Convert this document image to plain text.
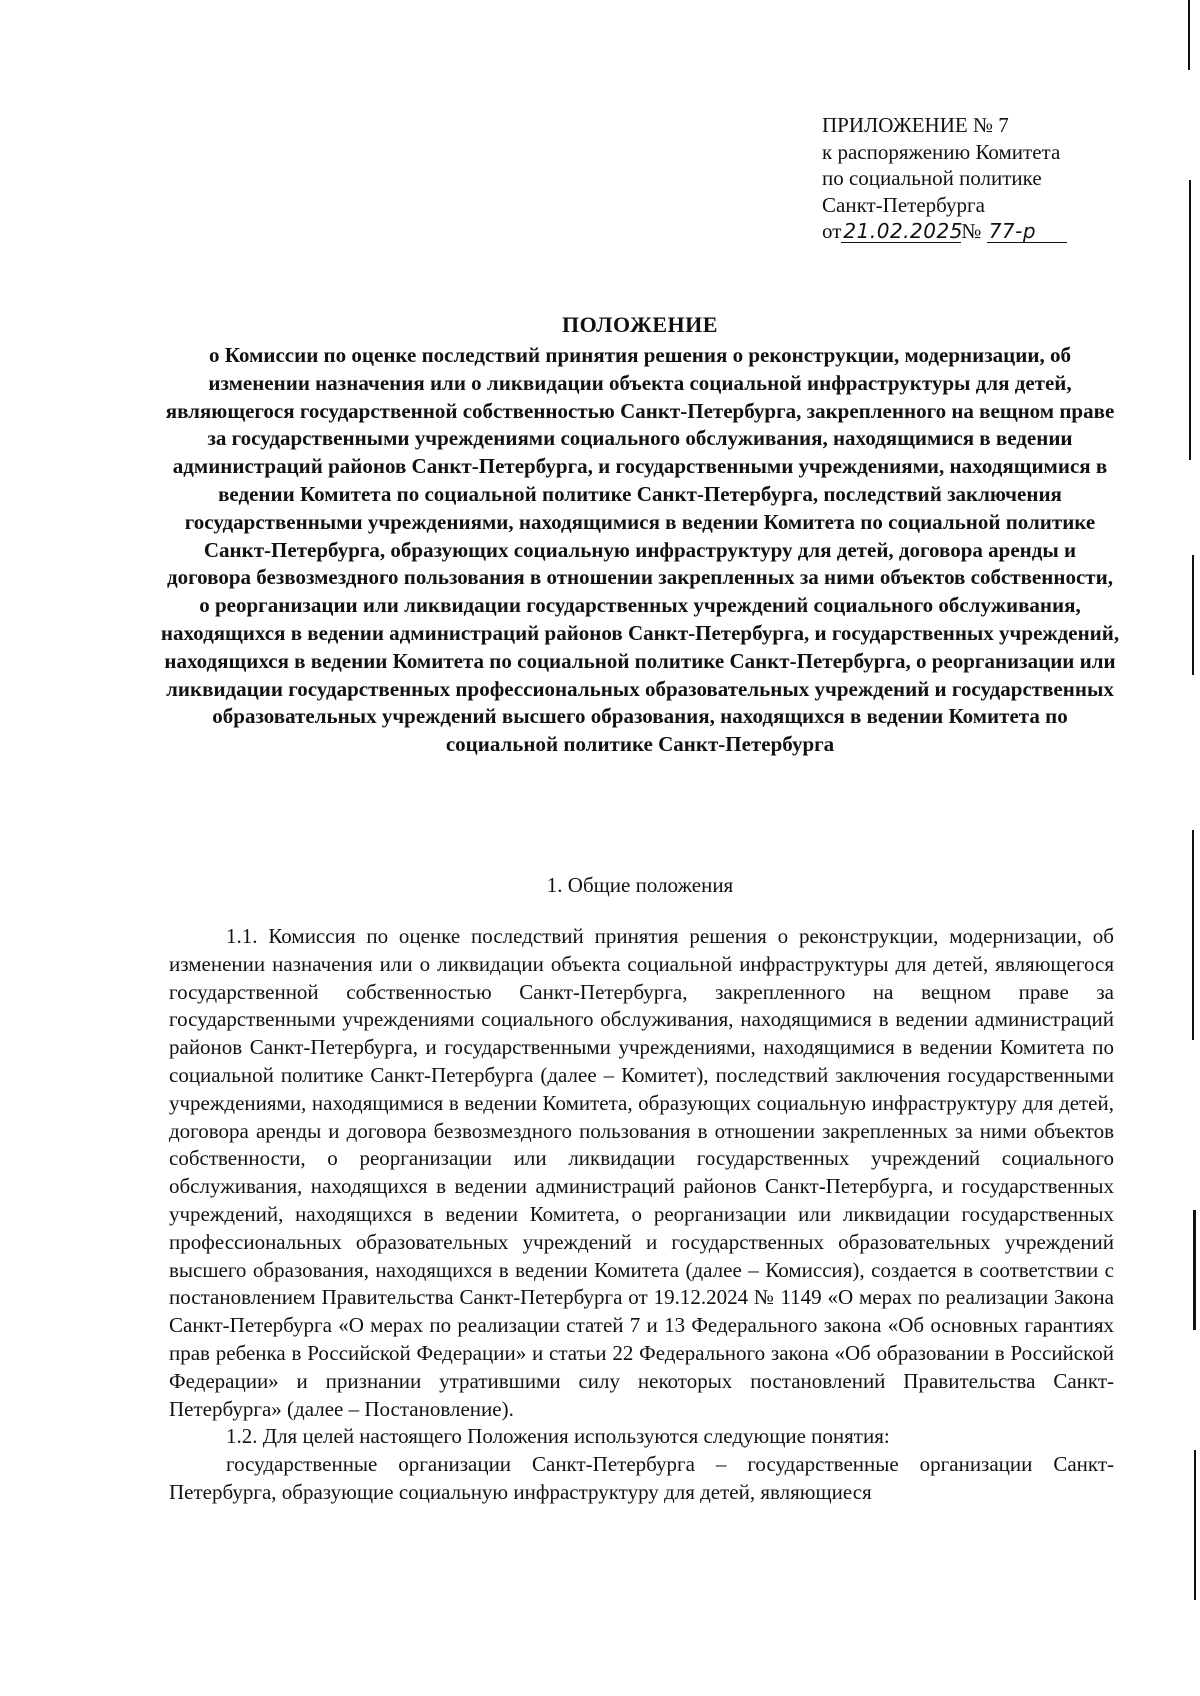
ПРИЛОЖЕНИЕ № 7
к распоряжению Комитета
по социальной политике
Санкт-Петербурга
от 21.02.2025№ 77-р
ПОЛОЖЕНИЕ
о Комиссии по оценке последствий принятия решения о реконструкции, модернизации, об изменении назначения или о ликвидации объекта социальной инфраструктуры для детей, являющегося государственной собственностью Санкт-Петербурга, закрепленного на вещном праве за государственными учреждениями социального обслуживания, находящимися в ведении администраций районов Санкт-Петербурга, и государственными учреждениями, находящимися в ведении Комитета по социальной политике Санкт-Петербурга, последствий заключения государственными учреждениями, находящимися в ведении Комитета по социальной политике Санкт-Петербурга, образующих социальную инфраструктуру для детей, договора аренды и договора безвозмездного пользования в отношении закрепленных за ними объектов собственности, о реорганизации или ликвидации государственных учреждений социального обслуживания, находящихся в ведении администраций районов Санкт-Петербурга, и государственных учреждений, находящихся в ведении Комитета по социальной политике Санкт-Петербурга, о реорганизации или ликвидации государственных профессиональных образовательных учреждений и государственных образовательных учреждений высшего образования, находящихся в ведении Комитета по социальной политике Санкт-Петербурга
1. Общие положения

1.1. Комиссия по оценке последствий принятия решения о реконструкции, модернизации, об изменении назначения или о ликвидации объекта социальной инфраструктуры для детей, являющегося государственной собственностью Санкт-Петербурга, закрепленного на вещном праве за государственными учреждениями социального обслуживания, находящимися в ведении администраций районов Санкт-Петербурга, и государственными учреждениями, находящимися в ведении Комитета по социальной политике Санкт-Петербурга (далее – Комитет), последствий заключения государственными учреждениями, находящимися в ведении Комитета, образующих социальную инфраструктуру для детей, договора аренды и договора безвозмездного пользования в отношении закрепленных за ними объектов собственности, о реорганизации или ликвидации государственных учреждений социального обслуживания, находящихся в ведении администраций районов Санкт-Петербурга, и государственных учреждений, находящихся в ведении Комитета, о реорганизации или ликвидации государственных профессиональных образовательных учреждений и государственных образовательных учреждений высшего образования, находящихся в ведении Комитета (далее – Комиссия), создается в соответствии с постановлением Правительства Санкт-Петербурга от 19.12.2024 № 1149 «О мерах по реализации Закона Санкт-Петербурга «О мерах по реализации статей 7 и 13 Федерального закона «Об основных гарантиях прав ребенка в Российской Федерации» и статьи 22 Федерального закона «Об образовании в Российской Федерации» и признании утратившими силу некоторых постановлений Правительства Санкт-Петербурга» (далее – Постановление).

1.2. Для целей настоящего Положения используются следующие понятия:

государственные организации Санкт-Петербурга – государственные организации Санкт-Петербурга, образующие социальную инфраструктуру для детей, являющиеся
